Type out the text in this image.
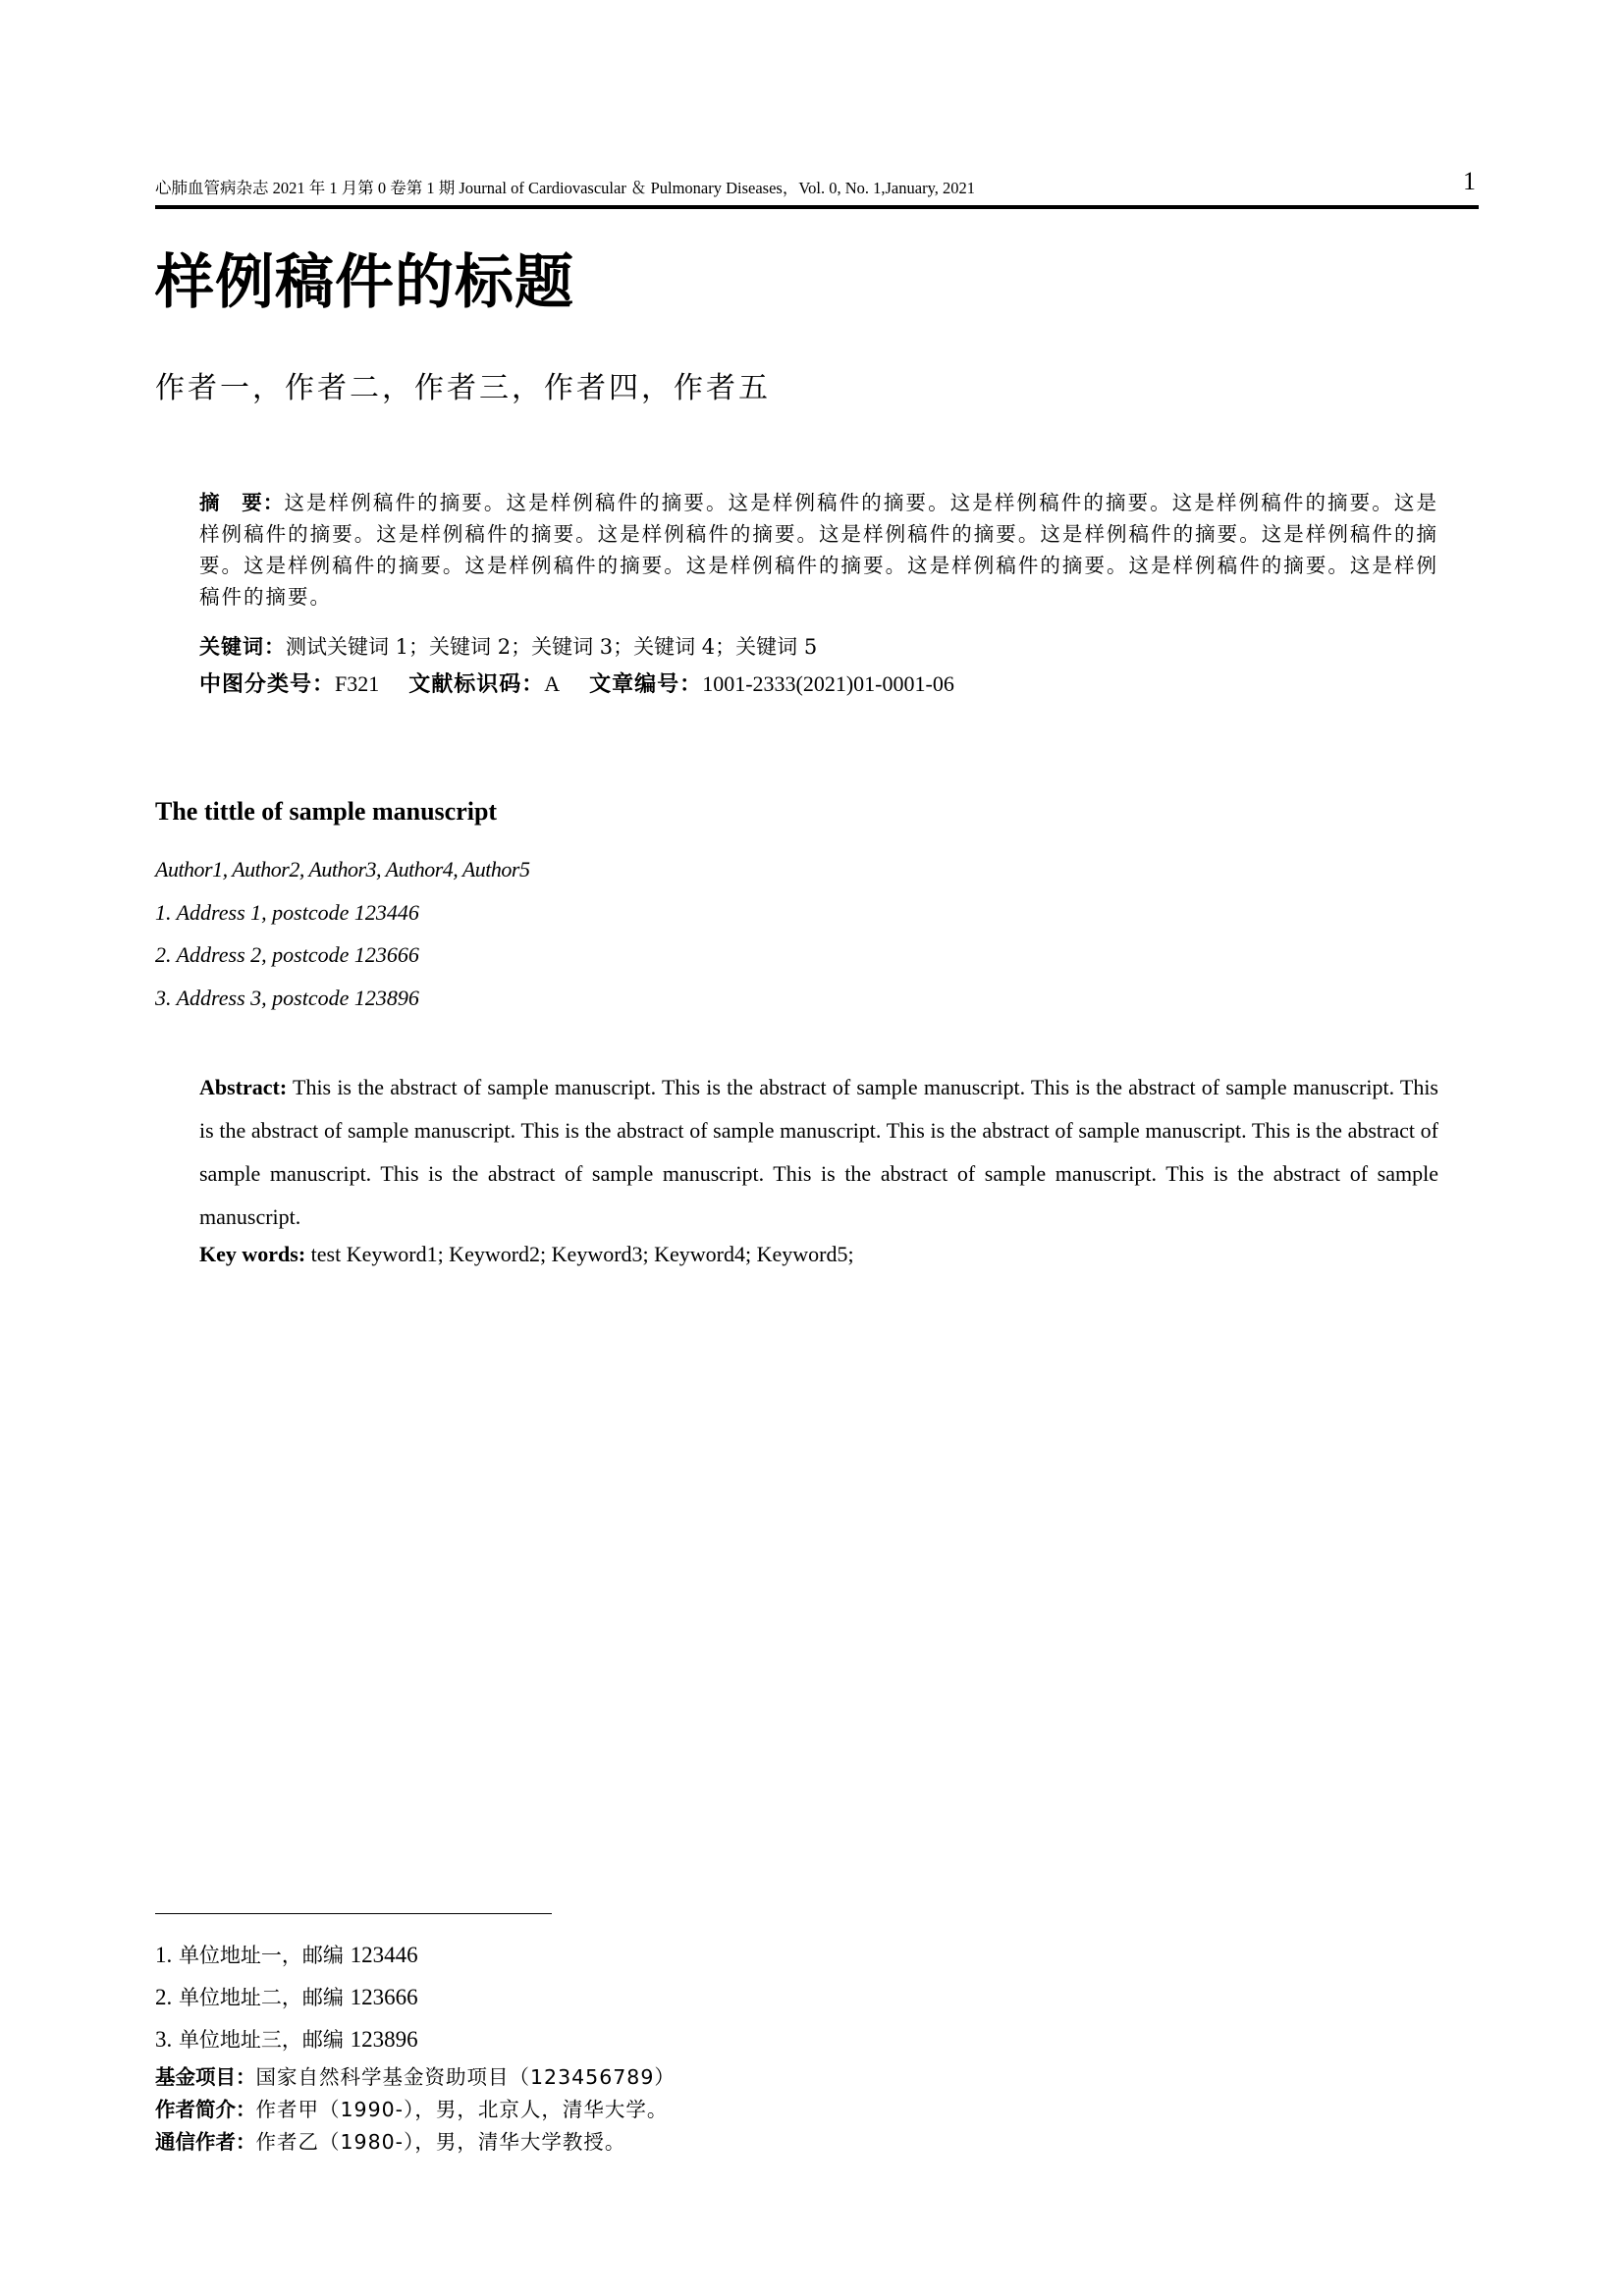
心肺血管病杂志 2021 年 1 月第 0 卷第 1 期 Journal of Cardiovascular ＆ Pulmonary Diseases，Vol. 0, No. 1,January, 2021	1
样例稿件的标题
作者一，作者二，作者三，作者四，作者五
摘　要：这是样例稿件的摘要。这是样例稿件的摘要。这是样例稿件的摘要。这是样例稿件的摘要。这是样例稿件的摘要。这是样例稿件的摘要。这是样例稿件的摘要。这是样例稿件的摘要。这是样例稿件的摘要。这是样例稿件的摘要。这是样例稿件的摘要。这是样例稿件的摘要。这是样例稿件的摘要。这是样例稿件的摘要。这是样例稿件的摘要。这是样例稿件的摘要。这是样例稿件的摘要。
关键词：测试关键词 1；关键词 2；关键词 3；关键词 4；关键词 5
中图分类号：F321 文献标识码：A 文章编号：1001-2333(2021)01-0001-06
The tittle of sample manuscript
Author1, Author2, Author3, Author4, Author5
1. Address 1, postcode 123446
2. Address 2, postcode 123666
3. Address 3, postcode 123896
Abstract: This is the abstract of sample manuscript. This is the abstract of sample manuscript. This is the abstract of sample manuscript. This is the abstract of sample manuscript. This is the abstract of sample manuscript. This is the abstract of sample manuscript. This is the abstract of sample manuscript. This is the abstract of sample manuscript. This is the abstract of sample manuscript. This is the abstract of sample manuscript.
Key words: test Keyword1; Keyword2; Keyword3; Keyword4; Keyword5;
1. 单位地址一，邮编 123446
2. 单位地址二，邮编 123666
3. 单位地址三，邮编 123896
基金项目：国家自然科学基金资助项目（123456789）
作者简介：作者甲（1990-），男，北京人，清华大学。
通信作者：作者乙（1980-），男，清华大学教授。
